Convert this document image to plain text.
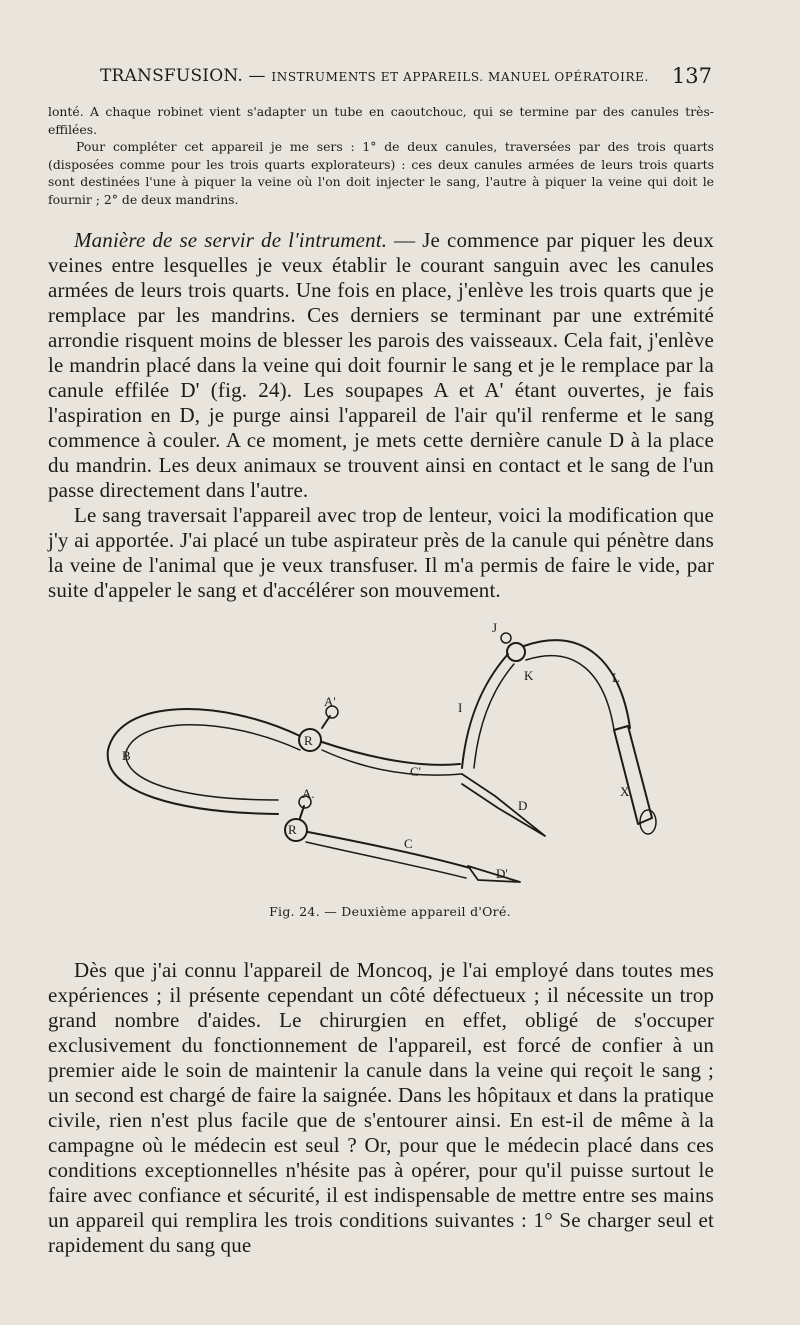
TRANSFUSION. — INSTRUMENTS ET APPAREILS. MANUEL OPÉRATOIRE.	137

lonté. A chaque robinet vient s'adapter un tube en caoutchouc, qui se termine par des canules très-effilées.

Pour compléter cet appareil je me sers : 1° de deux canules, traversées par des trois quarts (disposées comme pour les trois quarts explorateurs) : ces deux canules armées de leurs trois quarts sont destinées l'une à piquer la veine où l'on doit injecter le sang, l'autre à piquer la veine qui doit le fournir ; 2° de deux mandrins.

Manière de se servir de l'intrument. — Je commence par piquer les deux veines entre lesquelles je veux établir le courant sanguin avec les canules armées de leurs trois quarts. Une fois en place, j'enlève les trois quarts que je remplace par les mandrins. Ces derniers se terminant par une extrémité arrondie risquent moins de blesser les parois des vaisseaux. Cela fait, j'enlève le mandrin placé dans la veine qui doit fournir le sang et je le remplace par la canule effilée D' (fig. 24). Les soupapes A et A' étant ouvertes, je fais l'aspiration en D, je purge ainsi l'appareil de l'air qu'il renferme et le sang commence à couler. A ce moment, je mets cette dernière canule D à la place du mandrin. Les deux animaux se trouvent ainsi en contact et le sang de l'un passe directement dans l'autre.

Le sang traversait l'appareil avec trop de lenteur, voici la modification que j'y ai apportée. J'ai placé un tube aspirateur près de la canule qui pénètre dans la veine de l'animal que je veux transfuser. Il m'a permis de faire le vide, par suite d'appeler le sang et d'accélérer son mouvement.

J
K	L
I
A'
R
B
C'
X
D
A.
R
C
D'
Fig. 24. — Deuxième appareil d'Oré.

Dès que j'ai connu l'appareil de Moncoq, je l'ai employé dans toutes mes expériences ; il présente cependant un côté défectueux ; il nécessite un trop grand nombre d'aides. Le chirurgien en effet, obligé de s'occuper exclusivement du fonctionnement de l'appareil, est forcé de confier à un premier aide le soin de maintenir la canule dans la veine qui reçoit le sang ; un second est chargé de faire la saignée. Dans les hôpitaux et dans la pratique civile, rien n'est plus facile que de s'entourer ainsi. En est-il de même à la campagne où le médecin est seul ? Or, pour que le médecin placé dans ces conditions exceptionnelles n'hésite pas à opérer, pour qu'il puisse surtout le faire avec confiance et sécurité, il est indispensable de mettre entre ses mains un appareil qui remplira les trois conditions suivantes : 1° Se charger seul et rapidement du sang que
